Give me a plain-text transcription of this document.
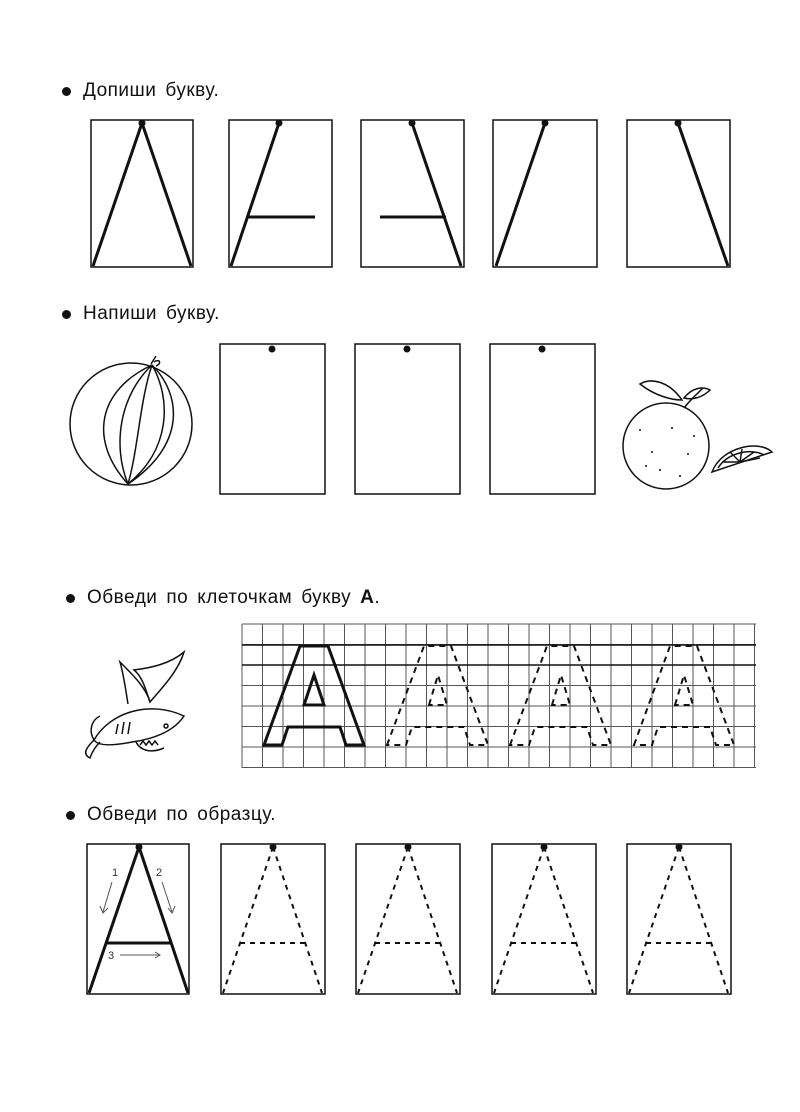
Допиши букву.
Напиши букву.
Обведи по клеточкам букву А .
Обведи по образцу.
1	2
3
